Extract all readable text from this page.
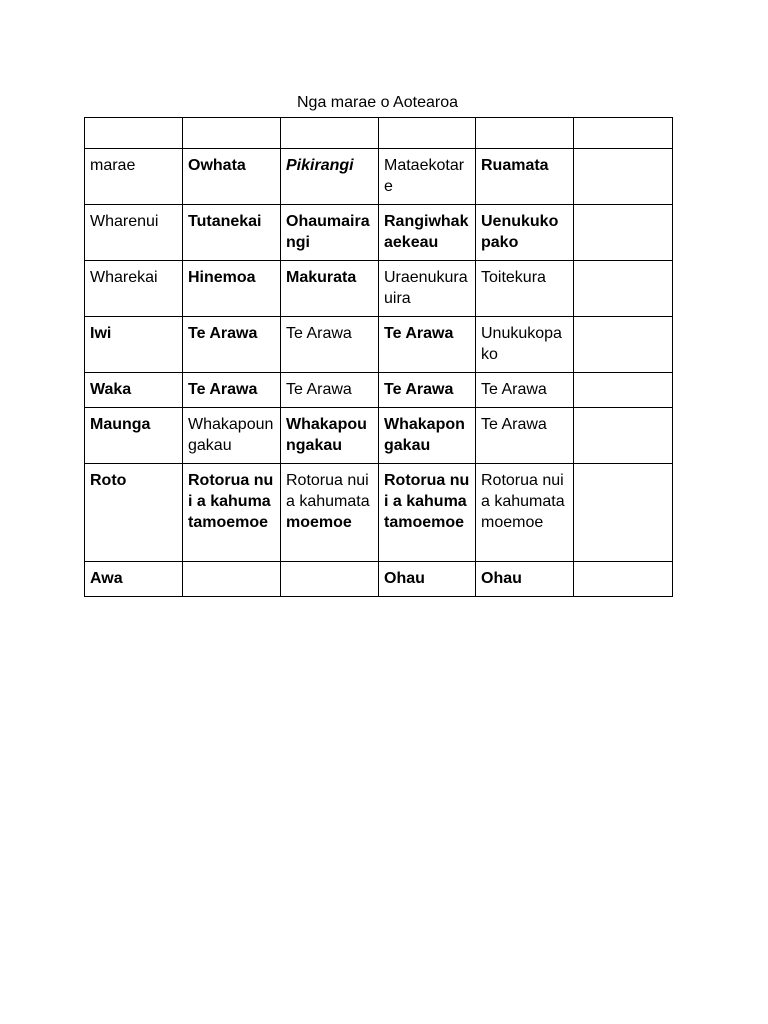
Nga marae o Aotearoa

marae	Owhata	Pikirangi	Mataekotare	Ruamata	
Wharenui	Tutanekai	Ohaumairangi	Rangiwhakaekeau	Uenukukopako	
Wharekai	Hinemoa	Makurata	Uraenukurauira	Toitekura	
Iwi	Te Arawa	Te Arawa	Te Arawa	Unukukopako	
Waka	Te Arawa	Te Arawa	Te Arawa	Te Arawa	
Maunga	Whakapoungakau	Whakapoungakau	Whakapongakau	Te Arawa	
Roto	Rotorua nui a kahumatamoemoe	Rotorua nui a kahumatamoemoe	Rotorua nui a kahumatamoemoe	Rotorua nui a kahumatamoemoe	
Awa			Ohau	Ohau	
